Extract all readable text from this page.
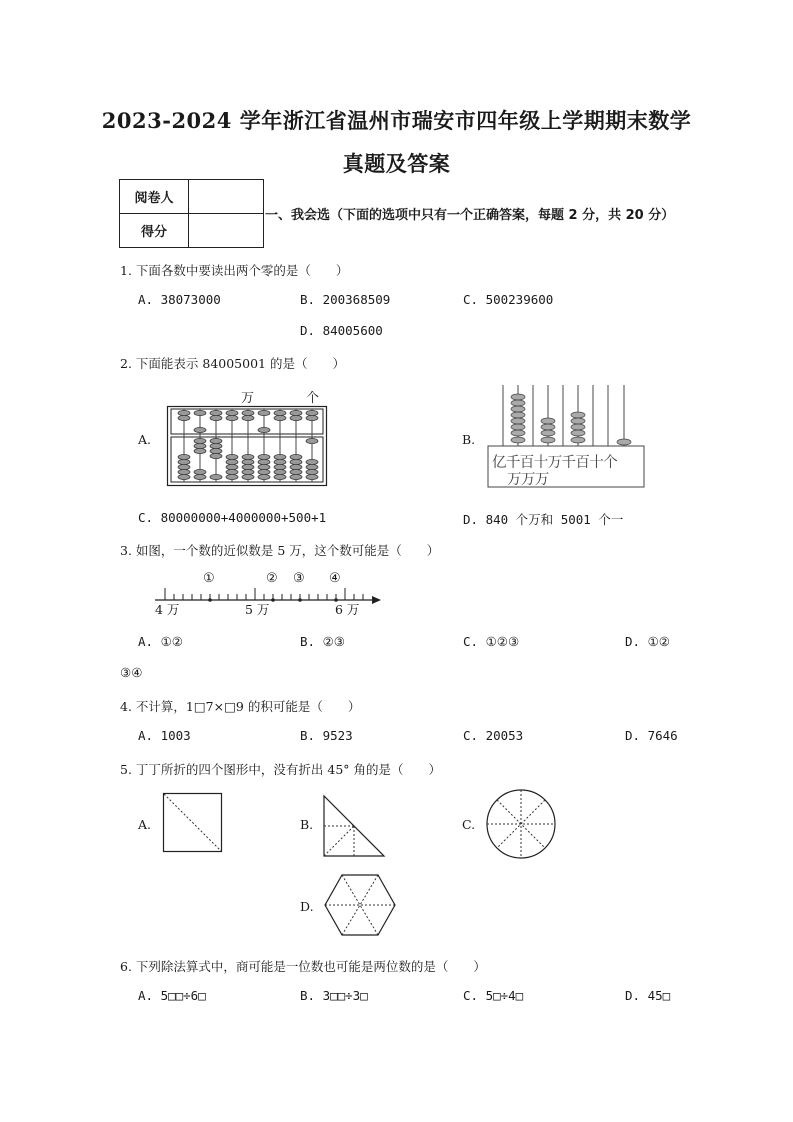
2023-2024 学年浙江省温州市瑞安市四年级上学期期末数学
真题及答案
阅卷人	
得分	
一、我会选（下面的选项中只有一个正确答案，每题 2 分，共 20 分）
1. 下面各数中要读出两个零的是（　　）
A. 38073000	B. 200368509	C. 500239600
D. 84005600
2. 下面能表示 84005001 的是（　　）
A.
万	个
B.
亿千百十万千百十个
万万万
C. 80000000+4000000+500+1	D. 840 个万和 5001 个一
3. 如图，一个数的近似数是 5 万，这个数可能是（　　）
①	② ③ ④
4 万	5 万	6 万
A. ①②	B. ②③	C. ①②③	D. ①②
③④
4. 不计算，1□7×□9 的积可能是（　　）
A. 1003	B. 9523	C. 20053	D. 7646
5. 丁丁所折的四个图形中，没有折出 45° 角的是（　　）
A.	B.	C.
D.
6. 下列除法算式中，商可能是一位数也可能是两位数的是（　　）
A. 5□□÷6□	B. 3□□÷3□	C. 5□÷4□	D. 45□
